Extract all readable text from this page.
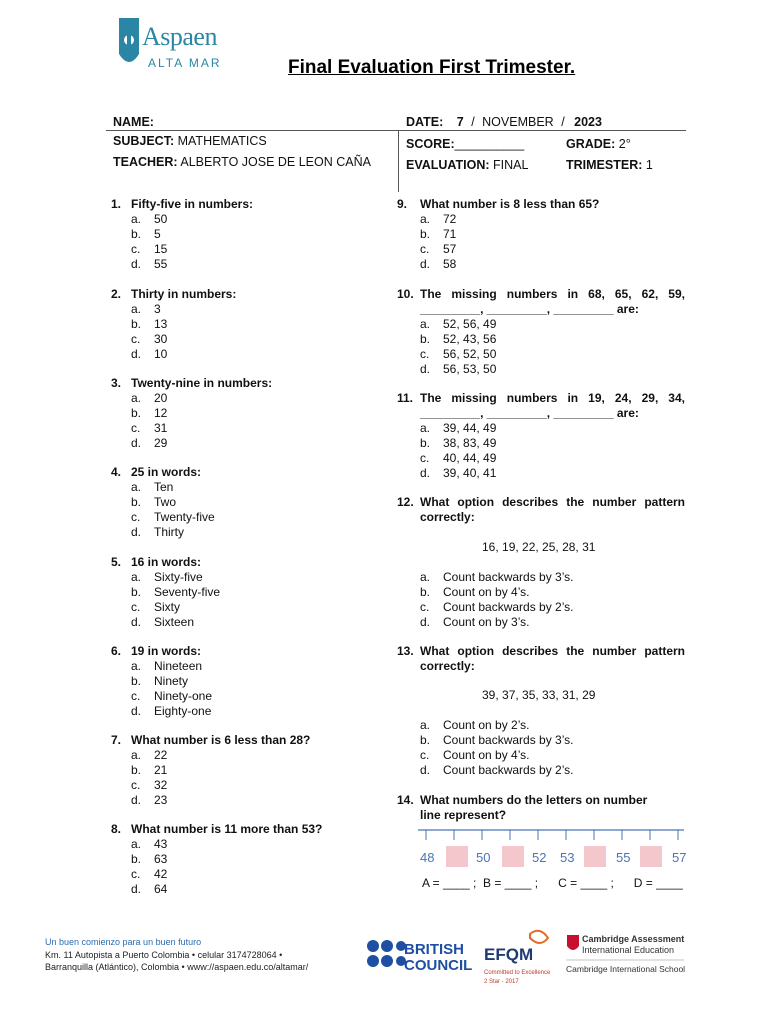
Aspaen
ALTA MAR	Final Evaluation First Trimester.
NAME:	DATE: 7 / NOVEMBER / 2023
SUBJECT: MATHEMATICS	SCORE:__________	GRADE: 2°
TEACHER: ALBERTO JOSE DE LEON CAÑA	EVALUATION: FINAL	TRIMESTER: 1
1. Fifty-five in numbers:
a.	50
b.	5
c.	15
d.	55
2. Thirty in numbers:
a.	3
b.	13
c.	30
d.	10
3. Twenty-nine in numbers:
a.	20
b.	12
c.	31
d.	29
4. 25 in words:
a.	Ten
b.	Two
c.	Twenty-five
d.	Thirty
5. 16 in words:
a.	Sixty-five
b.	Seventy-five
c.	Sixty
d.	Sixteen
6. 19 in words:
a.	Nineteen
b.	Ninety
c.	Ninety-one
d.	Eighty-one
7. What number is 6 less than 28?
a.	22
b.	21
c.	32
d.	23
8. What number is 11 more than 53?
a.	43
b.	63
c.	42
d.	64
9.	What number is 8 less than 65?
a.	72
b.	71
c.	57
d.	58
10. The missing numbers in 68, 65, 62, 59, _________, _________, _________ are:
a.	52, 56, 49
b.	52, 43, 56
c.	56, 52, 50
d.	56, 53, 50
11. The missing numbers in 19, 24, 29, 34, _________, _________, _________ are:
a.	39, 44, 49
b.	38, 83, 49
c.	40, 44, 49
d.	39, 40, 41
12. What option describes the number pattern correctly:
16, 19, 22, 25, 28, 31
a.	Count backwards by 3’s.
b.	Count on by 4’s.
c.	Count backwards by 2’s.
d.	Count on by 3’s.
13. What option describes the number pattern correctly:
39, 37, 35, 33, 31, 29
a.	Count on by 2’s.
b.	Count backwards by 3’s.
c.	Count on by 4’s.
d.	Count backwards by 2’s.
14. What numbers do the letters on number line represent?
48	50	52 53	55	57
A = ____ ;  B = ____ ;      C = ____ ;      D = ____
Un buen comienzo para un buen futuro
Km. 11 Autopista a Puerto Colombia • celular 3174728064 •
Barranquilla (Atlántico), Colombia • www://aspaen.edu.co/altamar/
BRITISH
COUNCIL
EFQM
Committed to Excellence
2 Star - 2017
Cambridge Assessment
International Education
Cambridge International School
